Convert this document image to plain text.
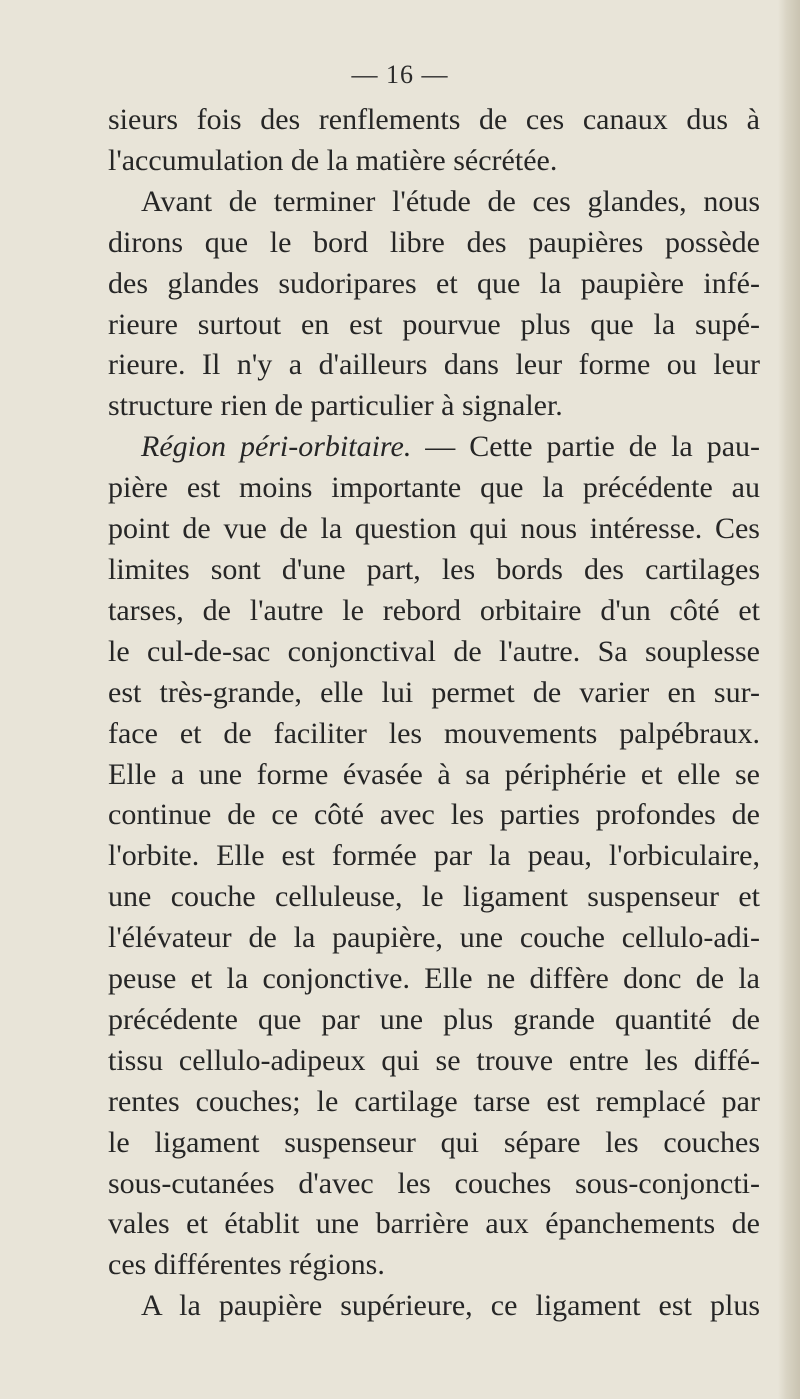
— 16 —

sieurs fois des renflements de ces canaux dus à
l'accumulation de la matière sécrétée.

Avant de terminer l'étude de ces glandes, nous
dirons que le bord libre des paupières possède
des glandes sudoripares et que la paupière infé-
rieure surtout en est pourvue plus que la supé-
rieure. Il n'y a d'ailleurs dans leur forme ou leur
structure rien de particulier à signaler.

Région péri-orbitaire. — Cette partie de la pau-
pière est moins importante que la précédente au
point de vue de la question qui nous intéresse. Ces
limites sont d'une part, les bords des cartilages
tarses, de l'autre le rebord orbitaire d'un côté et
le cul-de-sac conjonctival de l'autre. Sa souplesse
est très-grande, elle lui permet de varier en sur-
face et de faciliter les mouvements palpébraux.
Elle a une forme évasée à sa périphérie et elle se
continue de ce côté avec les parties profondes de
l'orbite. Elle est formée par la peau, l'orbiculaire,
une couche celluleuse, le ligament suspenseur et
l'élévateur de la paupière, une couche cellulo-adi-
peuse et la conjonctive. Elle ne diffère donc de la
précédente que par une plus grande quantité de
tissu cellulo-adipeux qui se trouve entre les diffé-
rentes couches; le cartilage tarse est remplacé par
le ligament suspenseur qui sépare les couches
sous-cutanées d'avec les couches sous-conjoncti-
vales et établit une barrière aux épanchements de
ces différentes régions.

A la paupière supérieure, ce ligament est plus
